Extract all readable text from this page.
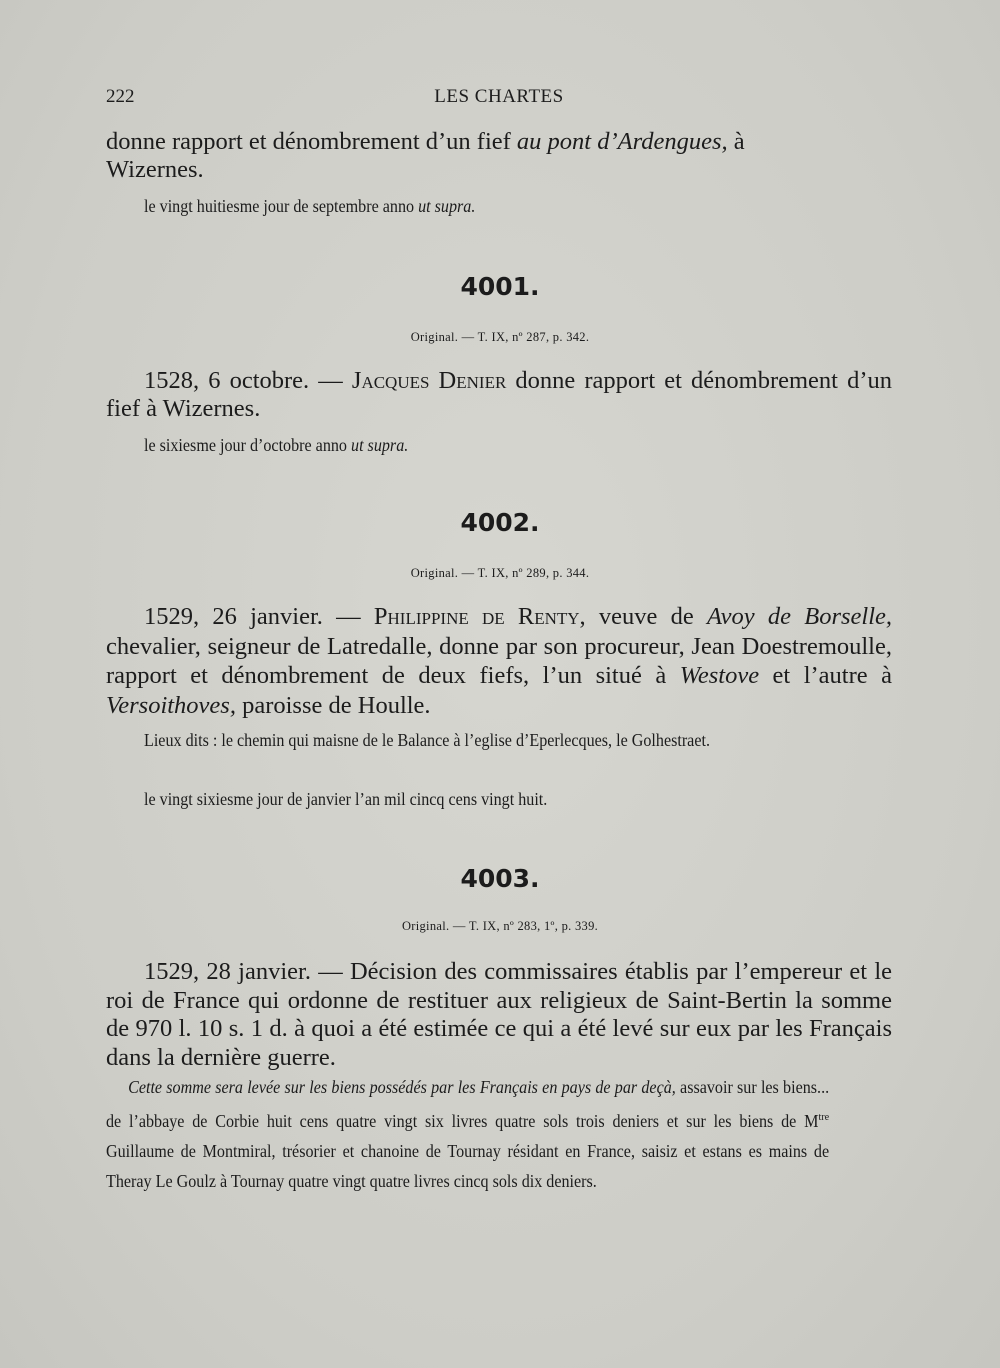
222	LES CHARTES
donne rapport et dénombrement d’un fief au pont d’Ardengues, à
Wizernes.
le vingt huitiesme jour de septembre anno ut supra.
4001.
Original. — T. IX, nº 287, p. 342.
1528, 6 octobre. — Jacques Denier donne rapport et dénombrement d’un fief à Wizernes.
le sixiesme jour d’octobre anno ut supra.
4002.
Original. — T. IX, nº 289, p. 344.
1529, 26 janvier. — Philippine de Renty, veuve de Avoy de Borselle, chevalier, seigneur de Latredalle, donne par son procureur, Jean Doestremoulle, rapport et dénombrement de deux fiefs, l’un situé à Westove et l’autre à Versoithoves, paroisse de Houlle.
Lieux dits : le chemin qui maisne de le Balance à l’eglise d’Eperlecques, le Golhestraet.
le vingt sixiesme jour de janvier l’an mil cincq cens vingt huit.
4003.
Original. — T. IX, nº 283, 1º, p. 339.
1529, 28 janvier. — Décision des commissaires établis par l’empereur et le roi de France qui ordonne de restituer aux religieux de Saint-Bertin la somme de 970 l. 10 s. 1 d. à quoi a été estimée ce qui a été levé sur eux par les Français dans la dernière guerre.
Cette somme sera levée sur les biens possédés par les Français en pays de par deçà, assavoir sur les biens... de l’abbaye de Corbie huit cens quatre vingt six livres quatre sols trois deniers et sur les biens de $M^{tre}$ Guillaume de Montmiral, trésorier et chanoine de Tournay résidant en France, saisiz et estans es mains de Theray Le Goulz à Tournay quatre vingt quatre livres cincq sols dix deniers.
